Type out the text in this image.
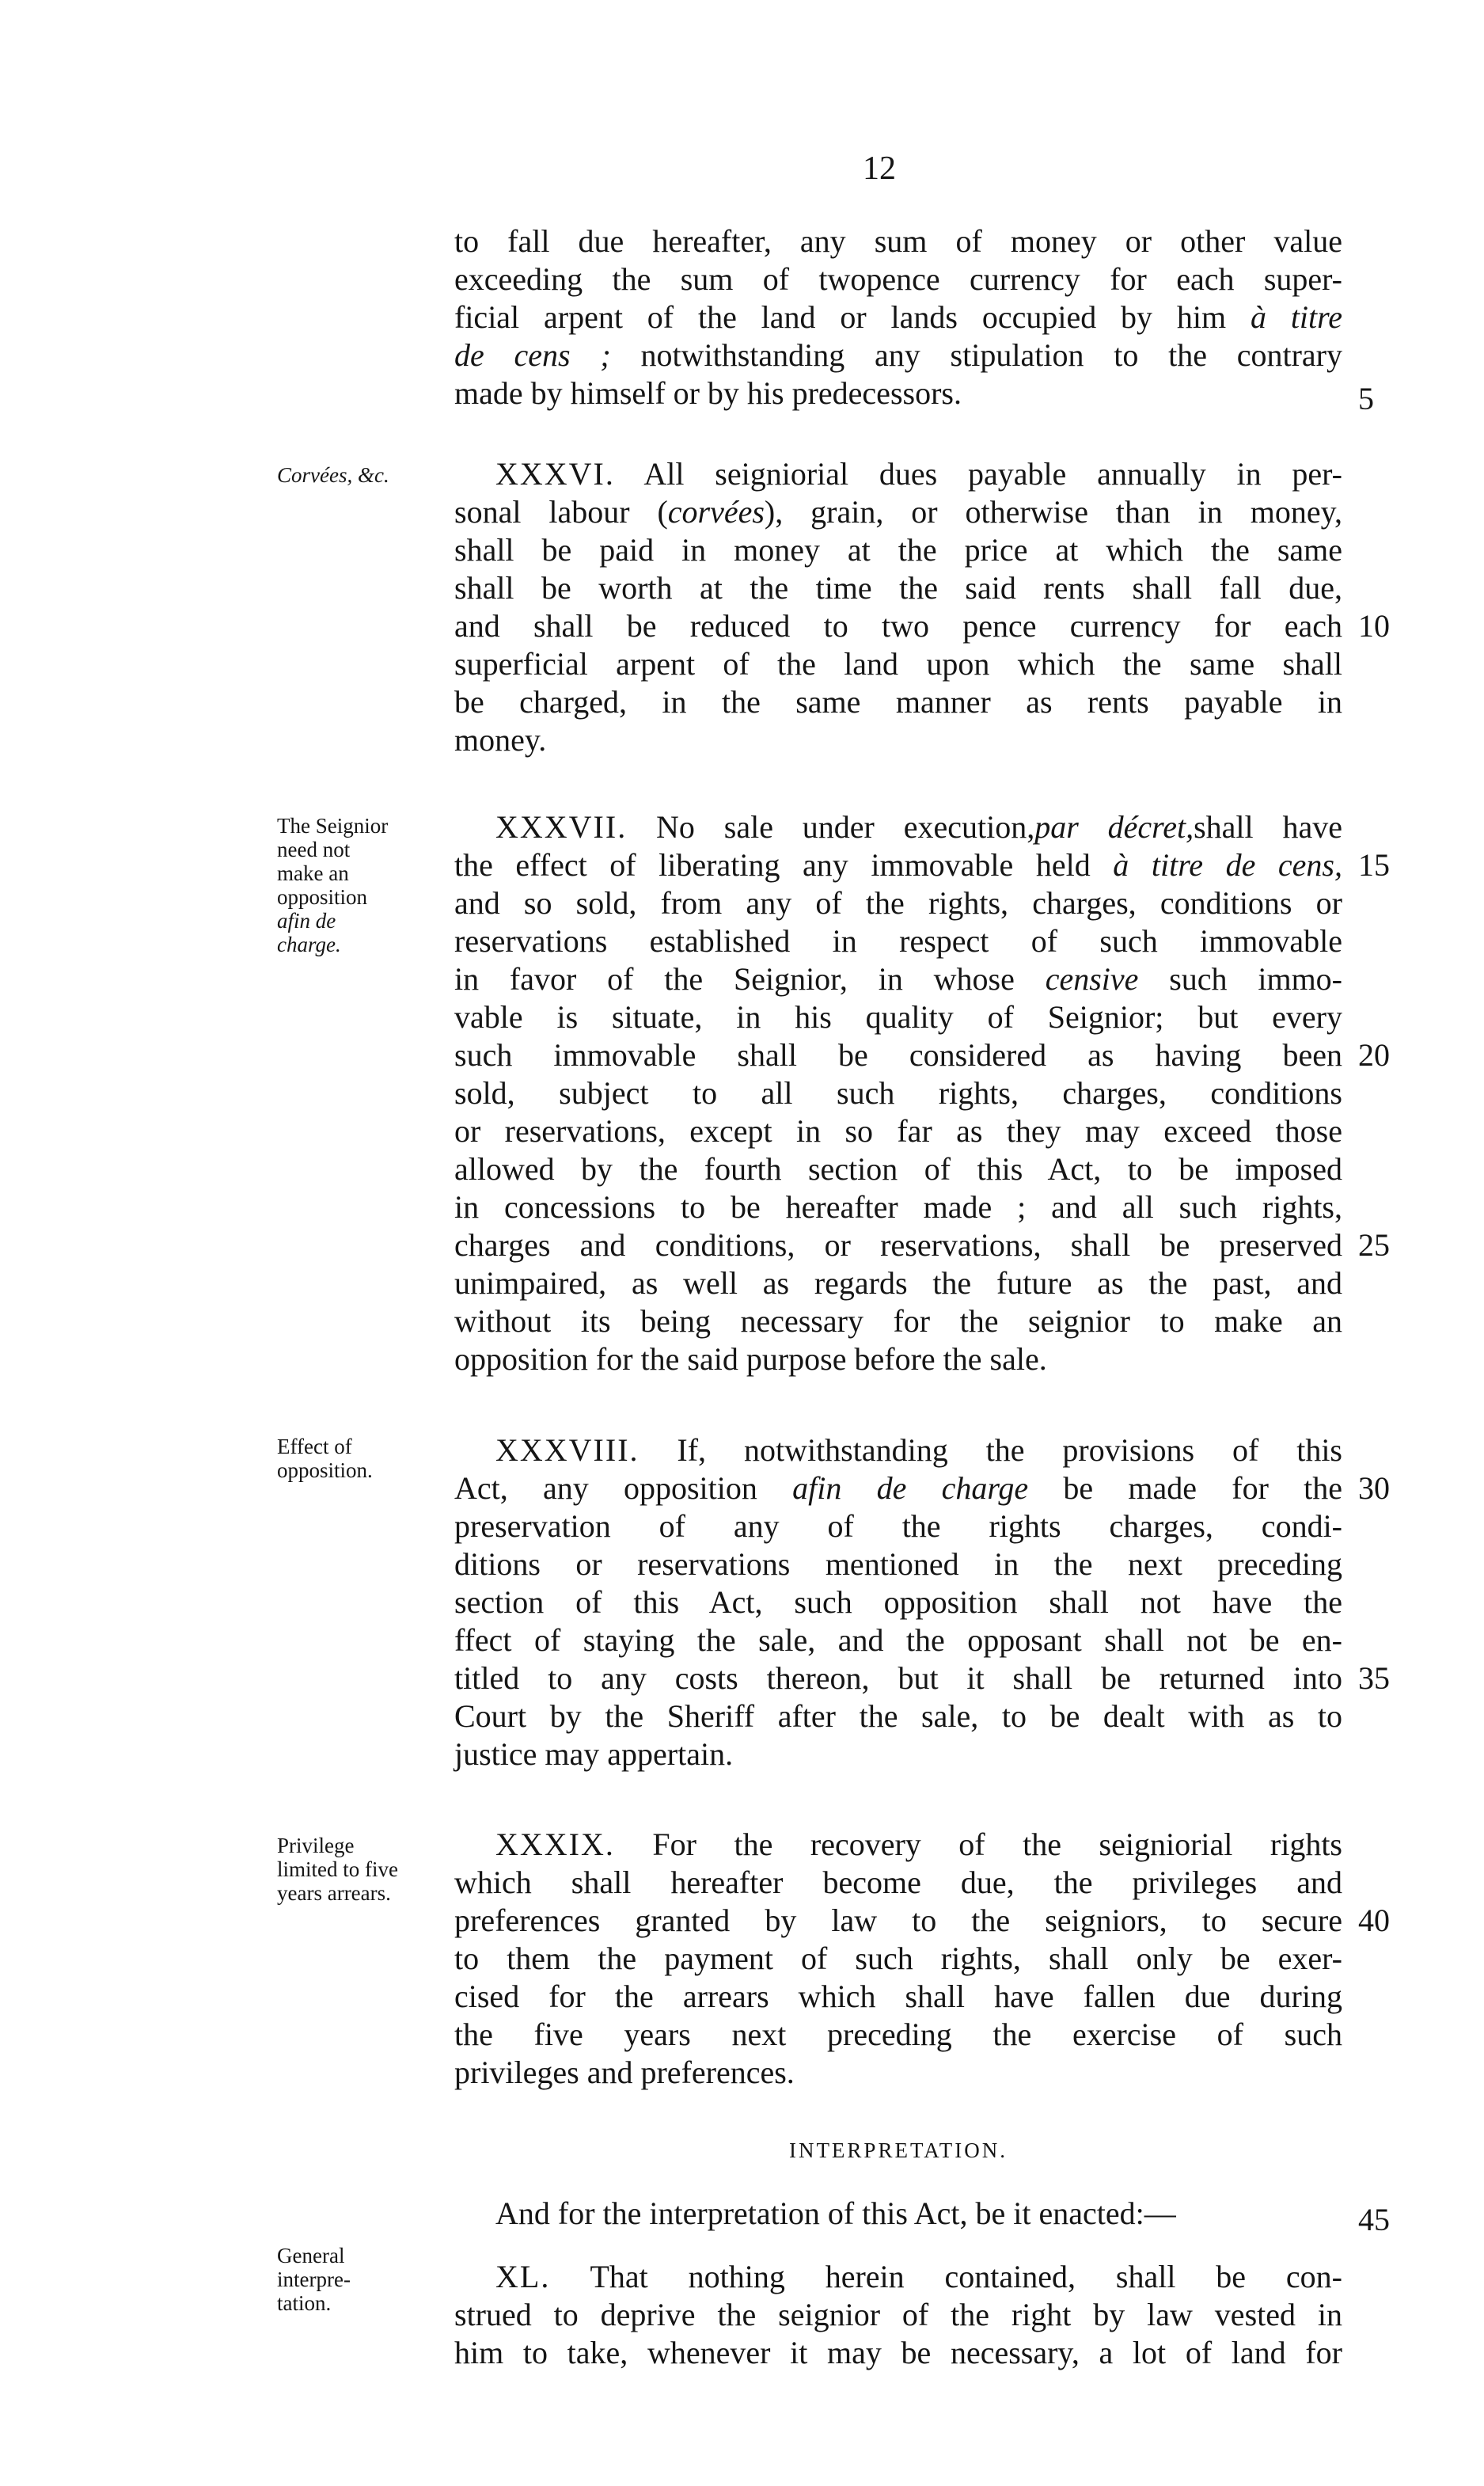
12
to fall due hereafter, any sum of money or other value
exceeding the sum of twopence currency for each super-
ficial arpent of the land or lands occupied by him à titre
de cens ; notwithstanding any stipulation to the contrary
made by himself or by his predecessors.
Corvées, &c.	XXXVI. All seigniorial dues payable annually in per-
sonal labour (corvées), grain, or otherwise than in money,
shall be paid in money at the price at which the same
shall be worth at the time the said rents shall fall due,
and shall be reduced to two pence currency for each
superficial arpent of the land upon which the same shall
be charged, in the same manner as rents payable in
money.
The Seignior
need not
make an
opposition
afin de
charge.
XXXVII. No sale under execution,par décret,shall have
the effect of liberating any immovable held à titre de cens,
and so sold, from any of the rights, charges, conditions or
reservations established in respect of such immovable
in favor of the Seignior, in whose censive such immo-
vable is situate, in his quality of Seignior; but every
such immovable shall be considered as having been
sold, subject to all such rights, charges, conditions
or reservations, except in so far as they may exceed those
allowed by the fourth section of this Act, to be imposed
in concessions to be hereafter made ; and all such rights,
charges and conditions, or reservations, shall be preserved
unimpaired, as well as regards the future as the past, and
without its being necessary for the seignior to make an
opposition for the said purpose before the sale.
Effect of
opposition.
XXXVIII. If, notwithstanding the provisions of this
Act, any opposition afin de charge be made for the
preservation of any of the rights charges, condi-
ditions or reservations mentioned in the next preceding
section of this Act, such opposition shall not have the
ffect of staying the sale, and the opposant shall not be en-
titled to any costs thereon, but it shall be returned into
Court by the Sheriff after the sale, to be dealt with as to
justice may appertain.
Privilege
limited to five
years arrears.
XXXIX. For the recovery of the seigniorial rights
which shall hereafter become due, the privileges and
preferences granted by law to the seigniors, to secure
to them the payment of such rights, shall only be exer-
cised for the arrears which shall have fallen due during
the five years next preceding the exercise of such
privileges and preferences.
INTERPRETATION.
And for the interpretation of this Act, be it enacted:—
General
interpre-
tation.
XL. That nothing herein contained, shall be con-
strued to deprive the seignior of the right by law vested in
him to take, whenever it may be necessary, a lot of land for
5
10
15
20
25
30
35
40
45
